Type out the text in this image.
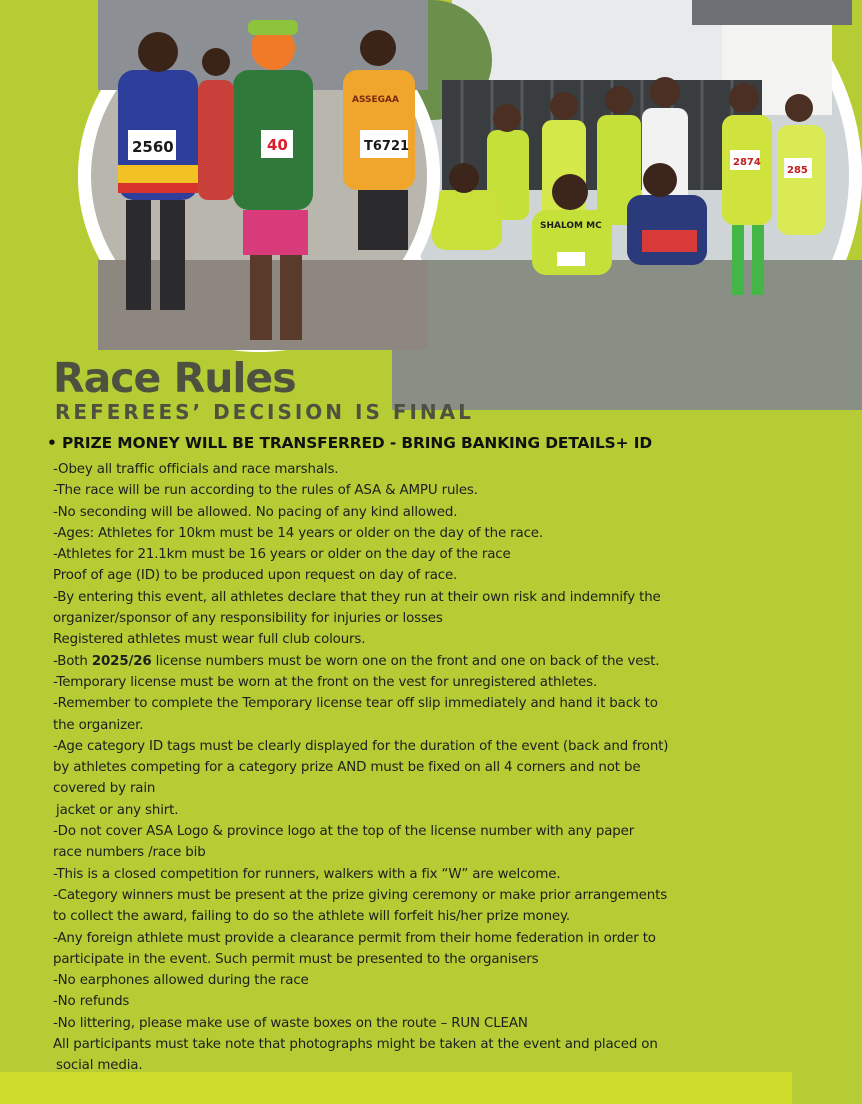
2874
285
SHALOM MC
2560	40	T6721
ASSEGAA
Race Rules
REFEREES’ DECISION IS FINAL
• PRIZE MONEY WILL BE TRANSFERRED - BRING BANKING DETAILS+ ID
-Obey all traffic officials and race marshals.
-The race will be run according to the rules of ASA & AMPU rules.
-No seconding will be allowed. No pacing of any kind allowed.
-Ages: Athletes for 10km must be 14 years or older on the day of the race.
-Athletes for 21.1km must be 16 years or older on the day of the race
Proof of age (ID) to be produced upon request on day of race.
-By entering this event, all athletes declare that they run at their own risk and indemnify the
organizer/sponsor of any responsibility for injuries or losses
Registered athletes must wear full club colours.
-Both 2025/26 license numbers must be worn one on the front and one on back of the vest.
-Temporary license must be worn at the front on the vest for unregistered athletes.
-Remember to complete the Temporary license tear off slip immediately and hand it back to
the organizer.
-Age category ID tags must be clearly displayed for the duration of the event (back and front)
by athletes competing for a category prize AND must be fixed on all 4 corners and not be
covered by rain
jacket or any shirt.
-Do not cover ASA Logo & province logo at the top of the license number with any paper
race numbers /race bib
-This is a closed competition for runners, walkers with a fix “W” are welcome.
-Category winners must be present at the prize giving ceremony or make prior arrangements
to collect the award, failing to do so the athlete will forfeit his/her prize money.
-Any foreign athlete must provide a clearance permit from their home federation in order to
participate in the event. Such permit must be presented to the organisers
-No earphones allowed during the race
-No refunds
-No littering, please make use of waste boxes on the route – RUN CLEAN
All participants must take note that photographs might be taken at the event and placed on
social media.
